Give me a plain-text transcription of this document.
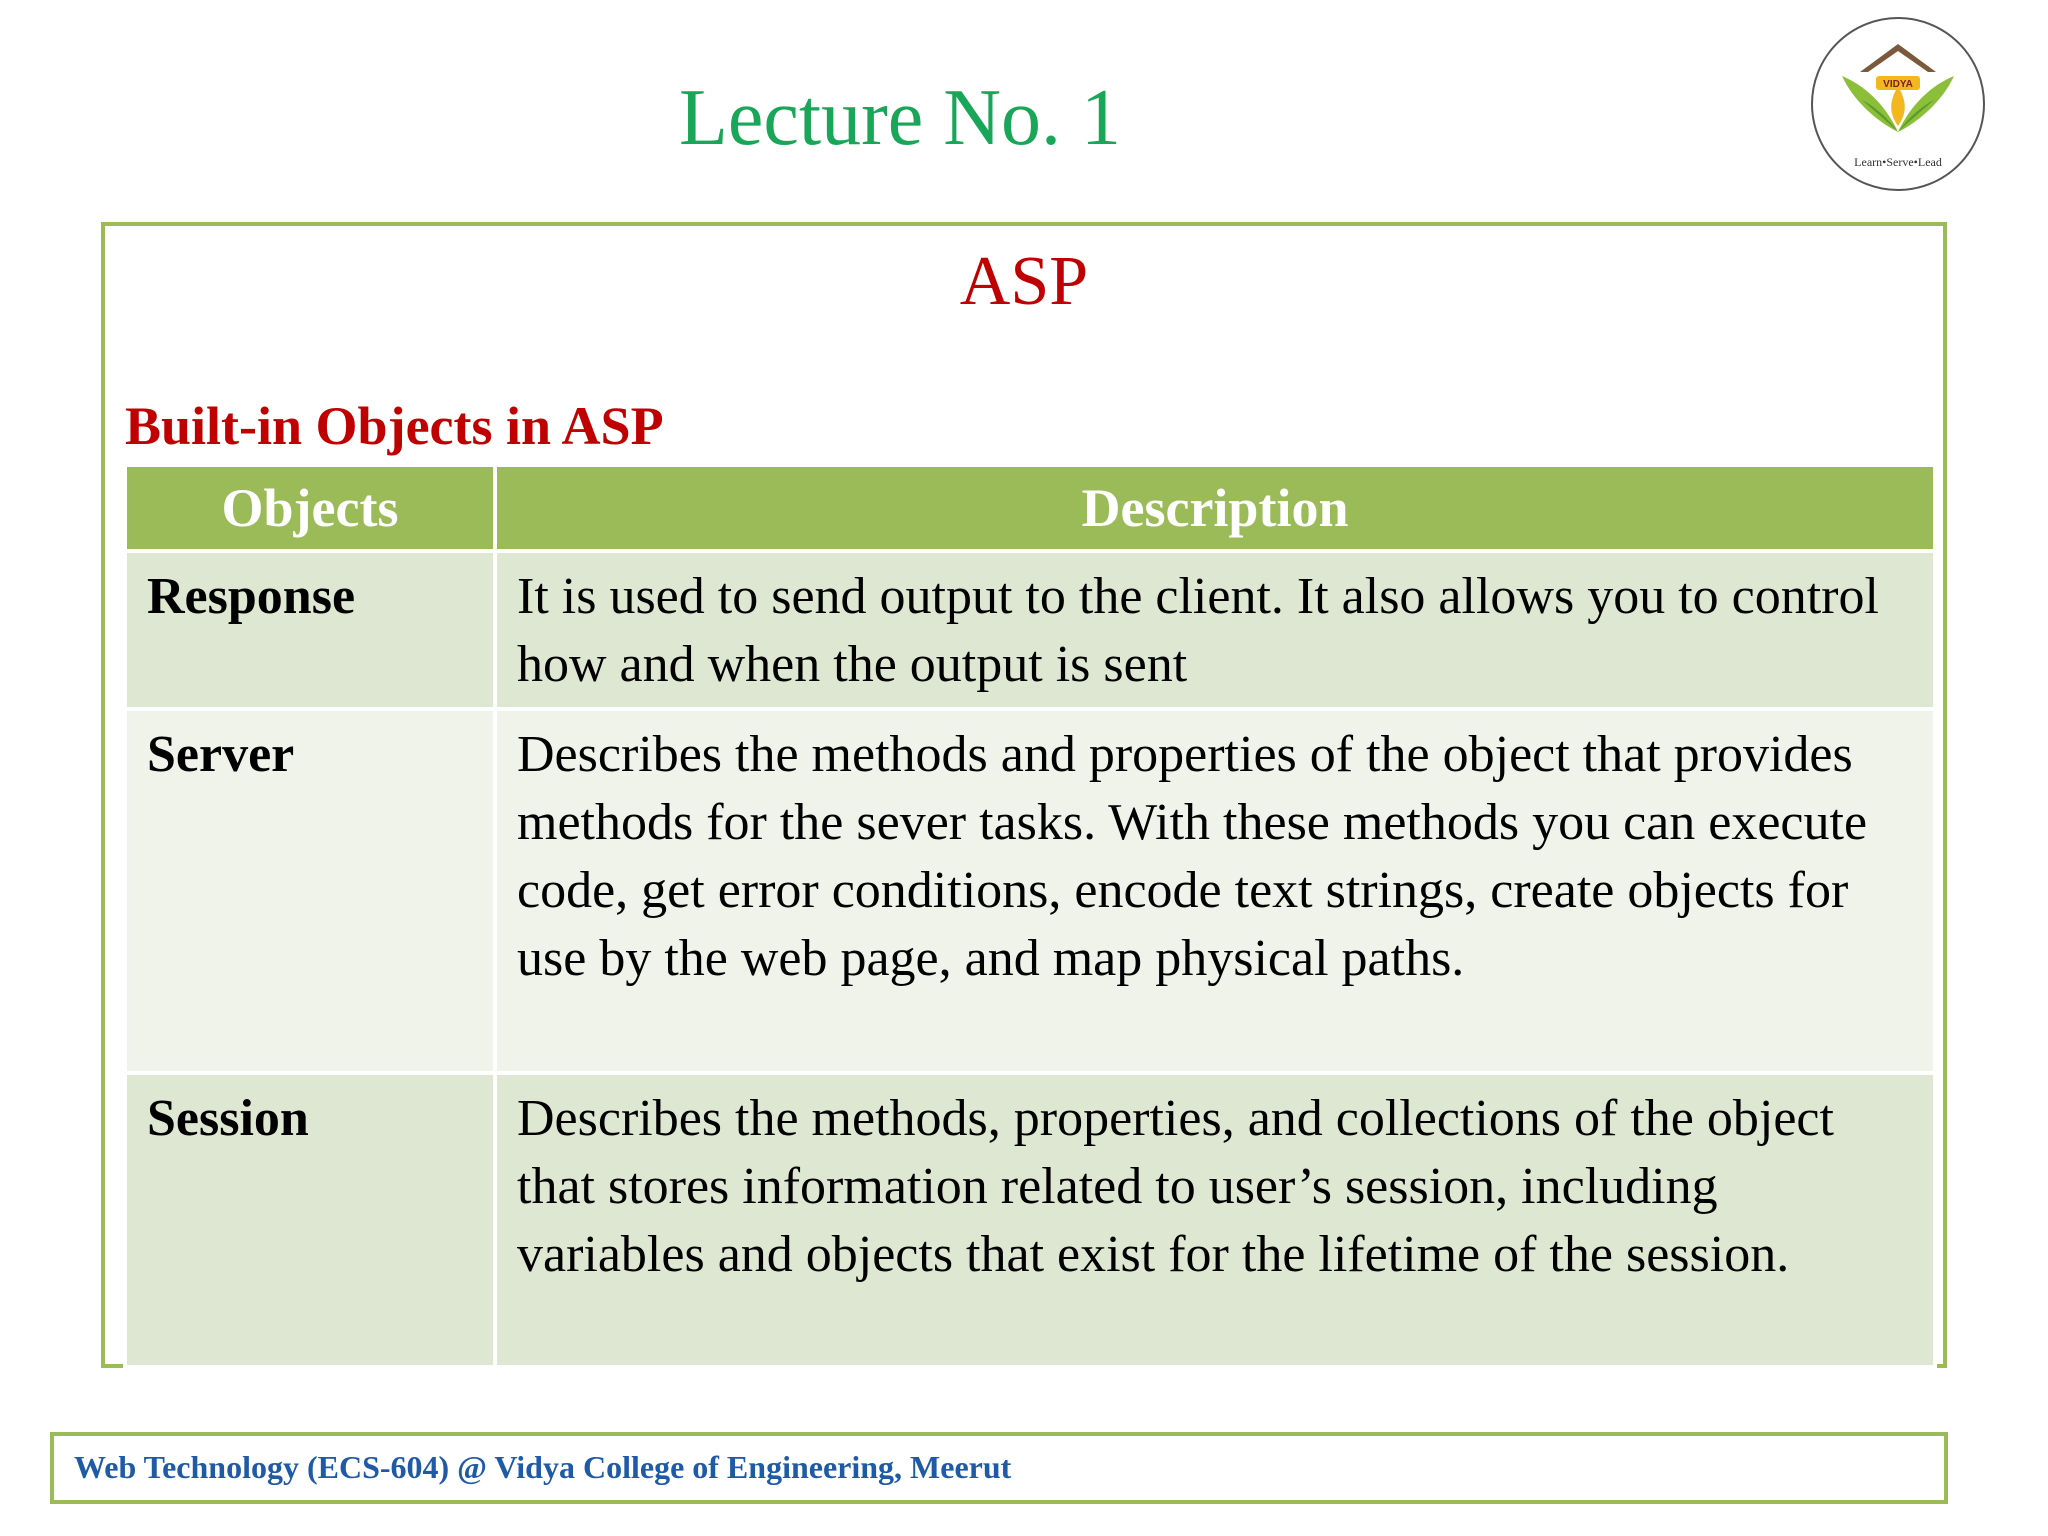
Lecture No. 1	VIDYA
Learn•Serve•Lead
ASP
Built-in Objects in ASP
Objects	Description
Response	It is used to send output to the client. It also allows you to control how and when the output is sent
Server	Describes the methods and properties of the object that provides methods for the sever tasks. With these methods you can execute code, get error conditions, encode text strings, create objects for use by the web page, and map physical paths.
Session	Describes the methods, properties, and collections of the object that stores information related to user’s session, including variables and objects that exist for the lifetime of the session.
Web Technology (ECS-604) @ Vidya College of Engineering, Meerut
